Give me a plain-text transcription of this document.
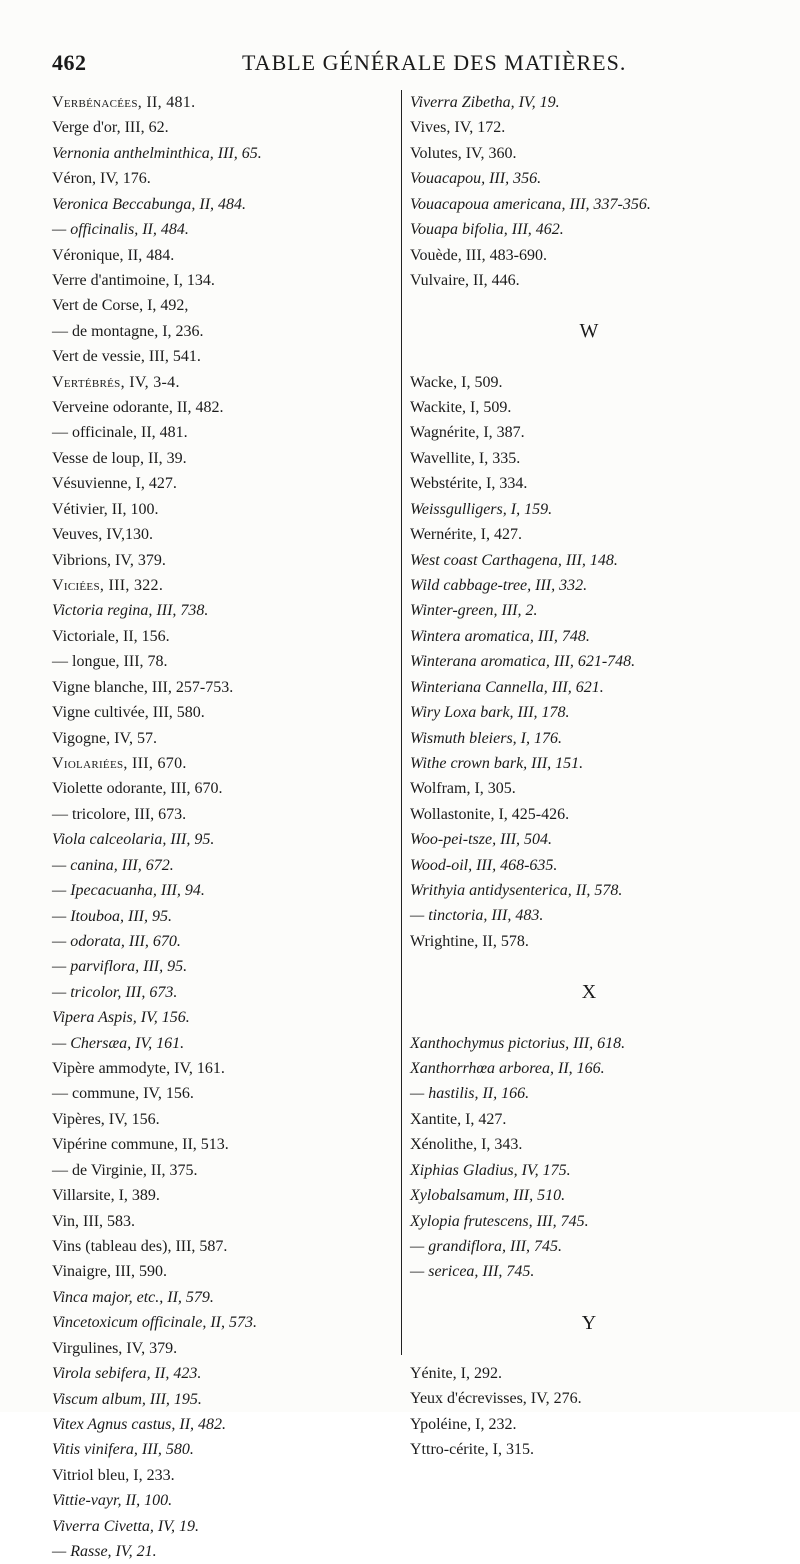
462	TABLE GÉNÉRALE DES MATIÈRES.
Verbénacées, II, 481.
Verge d'or, III, 62.
Vernonia anthelminthica, III, 65.
Véron, IV, 176.
Veronica Beccabunga, II, 484.
— officinalis, II, 484.
Véronique, II, 484.
Verre d'antimoine, I, 134.
Vert de Corse, I, 492,
— de montagne, I, 236.
Vert de vessie, III, 541.
Vertébrés, IV, 3-4.
Verveine odorante, II, 482.
— officinale, II, 481.
Vesse de loup, II, 39.
Vésuvienne, I, 427.
Vétivier, II, 100.
Veuves, IV,130.
Vibrions, IV, 379.
Viciées, III, 322.
Victoria regina, III, 738.
Victoriale, II, 156.
— longue, III, 78.
Vigne blanche, III, 257-753.
Vigne cultivée, III, 580.
Vigogne, IV, 57.
Violariées, III, 670.
Violette odorante, III, 670.
— tricolore, III, 673.
Viola calceolaria, III, 95.
— canina, III, 672.
— Ipecacuanha, III, 94.
— Itouboa, III, 95.
— odorata, III, 670.
— parviflora, III, 95.
— tricolor, III, 673.
Vipera Aspis, IV, 156.
— Chersæa, IV, 161.
Vipère ammodyte, IV, 161.
— commune, IV, 156.
Vipères, IV, 156.
Vipérine commune, II, 513.
— de Virginie, II, 375.
Villarsite, I, 389.
Vin, III, 583.
Vins (tableau des), III, 587.
Vinaigre, III, 590.
Vinca major, etc., II, 579.
Vincetoxicum officinale, II, 573.
Virgulines, IV, 379.
Virola sebifera, II, 423.
Viscum album, III, 195.
Vitex Agnus castus, II, 482.
Vitis vinifera, III, 580.
Vitriol bleu, I, 233.
Vittie-vayr, II, 100.
Viverra Civetta, IV, 19.
— Rasse, IV, 21.
Viverra Zibetha, IV, 19.
Vives, IV, 172.
Volutes, IV, 360.
Vouacapou, III, 356.
Vouacapoua americana, III, 337-356.
Vouapa bifolia, III, 462.
Vouède, III, 483-690.
Vulvaire, II, 446.
W
Wacke, I, 509.
Wackite, I, 509.
Wagnérite, I, 387.
Wavellite, I, 335.
Webstérite, I, 334.
Weissgulligers, I, 159.
Wernérite, I, 427.
West coast Carthagena, III, 148.
Wild cabbage-tree, III, 332.
Winter-green, III, 2.
Wintera aromatica, III, 748.
Winterana aromatica, III, 621-748.
Winteriana Cannella, III, 621.
Wiry Loxa bark, III, 178.
Wismuth bleiers, I, 176.
Withe crown bark, III, 151.
Wolfram, I, 305.
Wollastonite, I, 425-426.
Woo-pei-tsze, III, 504.
Wood-oil, III, 468-635.
Writhyia antidysenterica, II, 578.
— tinctoria, III, 483.
Wrightine, II, 578.
X
Xanthochymus pictorius, III, 618.
Xanthorrhœa arborea, II, 166.
— hastilis, II, 166.
Xantite, I, 427.
Xénolithe, I, 343.
Xiphias Gladius, IV, 175.
Xylobalsamum, III, 510.
Xylopia frutescens, III, 745.
— grandiflora, III, 745.
— sericea, III, 745.
Y
Yénite, I, 292.
Yeux d'écrevisses, IV, 276.
Ypoléine, I, 232.
Yttro-cérite, I, 315.
